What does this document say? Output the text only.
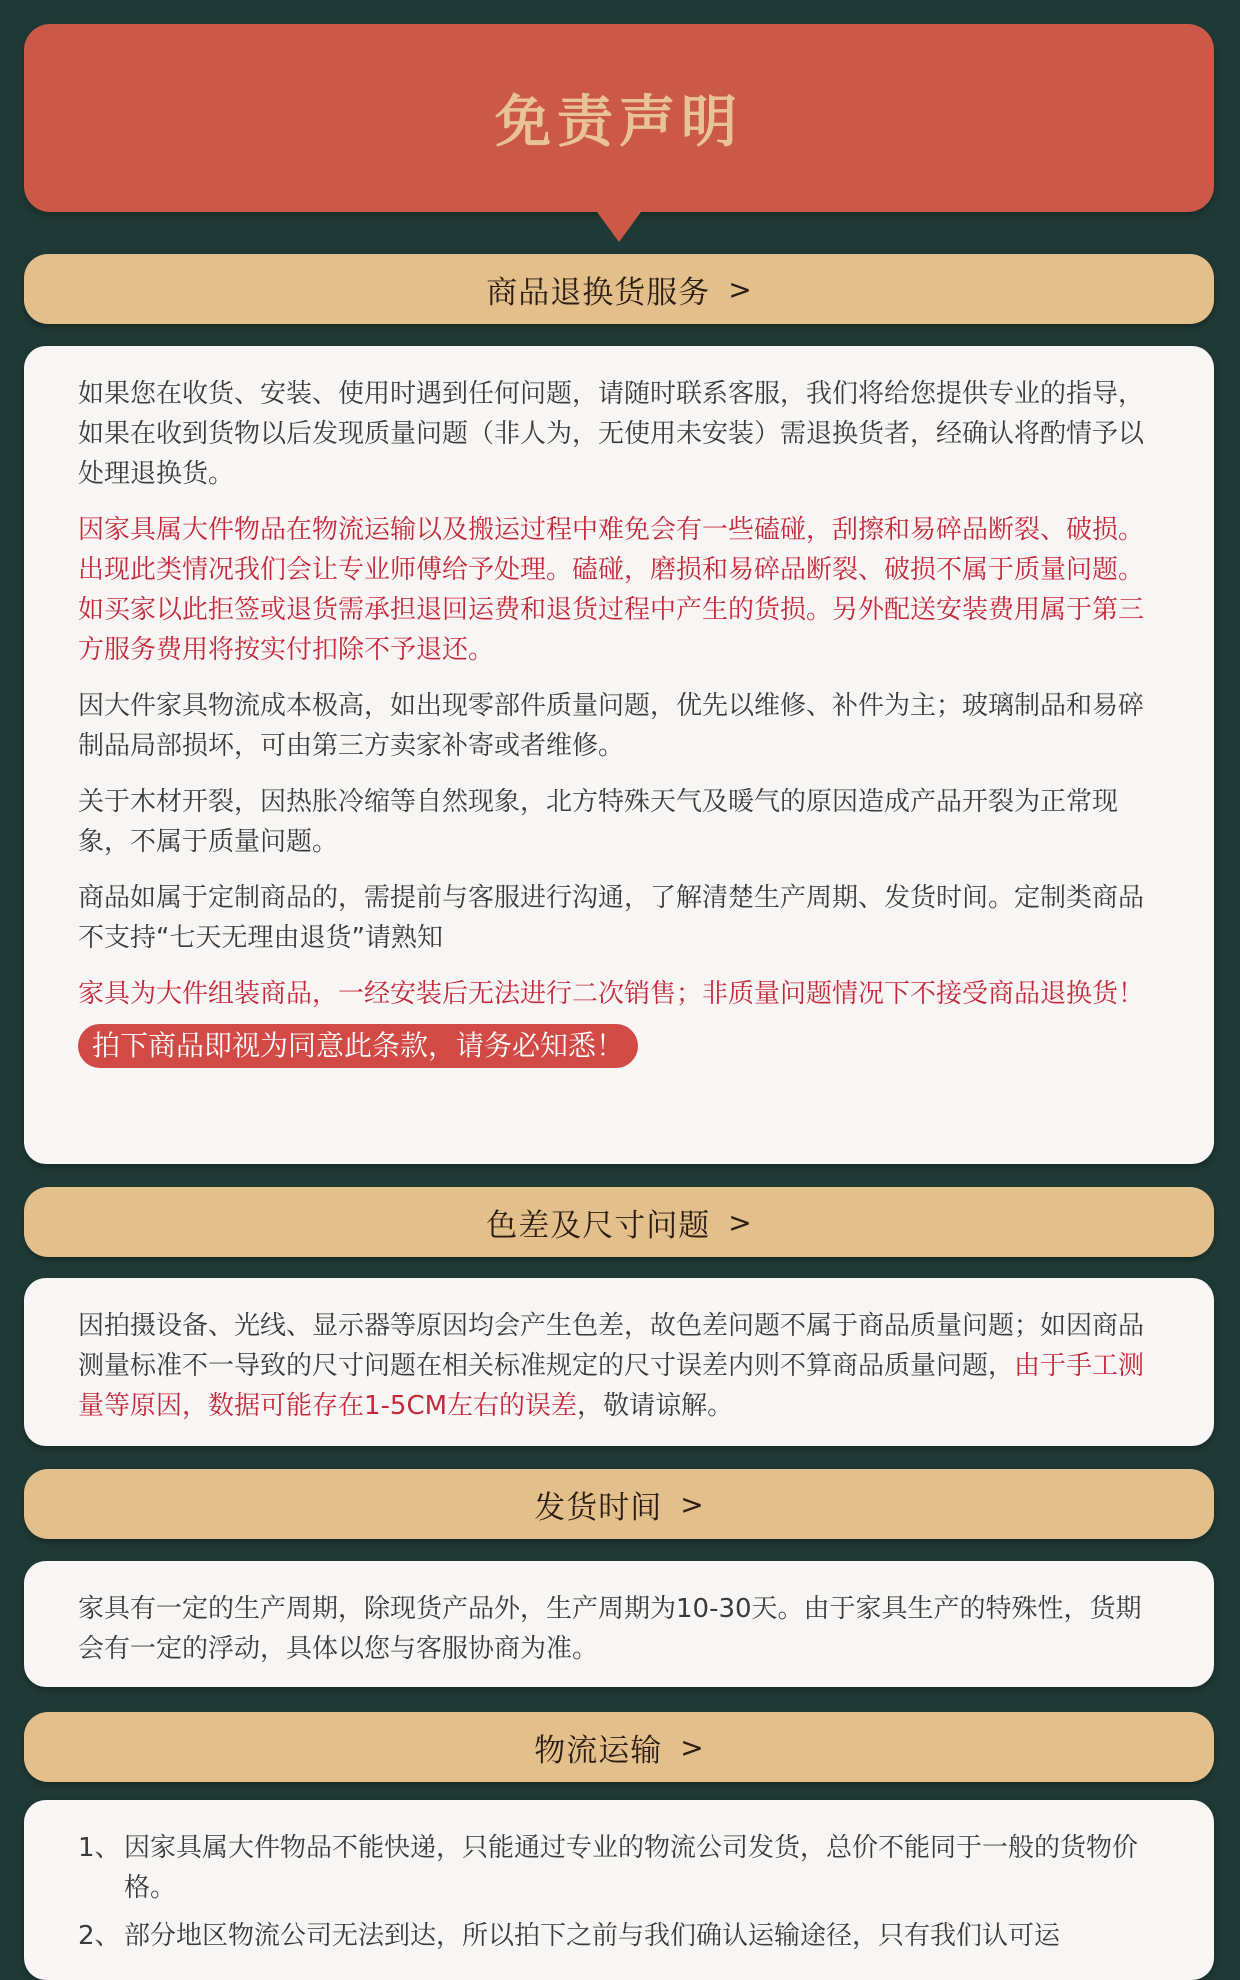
免责声明
商品退换货服务 >

如果您在收货、安装、使用时遇到任何问题，请随时联系客服，我们将给您提供专业的指导，如果在收到货物以后发现质量问题（非人为，无使用未安装）需退换货者，经确认将酌情予以处理退换货。

因家具属大件物品在物流运输以及搬运过程中难免会有一些磕碰，刮擦和易碎品断裂、破损。出现此类情况我们会让专业师傅给予处理。磕碰，磨损和易碎品断裂、破损不属于质量问题。如买家以此拒签或退货需承担退回运费和退货过程中产生的货损。另外配送安装费用属于第三方服务费用将按实付扣除不予退还。

因大件家具物流成本极高，如出现零部件质量问题，优先以维修、补件为主；玻璃制品和易碎制品局部损坏，可由第三方卖家补寄或者维修。

关于木材开裂，因热胀冷缩等自然现象，北方特殊天气及暖气的原因造成产品开裂为正常现象，不属于质量问题。

商品如属于定制商品的，需提前与客服进行沟通，了解清楚生产周期、发货时间。定制类商品不支持“七天无理由退货”请熟知

家具为大件组装商品，一经安装后无法进行二次销售；非质量问题情况下不接受商品退换货！

拍下商品即视为同意此条款，请务必知悉！
色差及尺寸问题 >

因拍摄设备、光线、显示器等原因均会产生色差，故色差问题不属于商品质量问题；如因商品测量标准不一导致的尺寸问题在相关标准规定的尺寸误差内则不算商品质量问题，由于手工测量等原因，数据可能存在1-5CM左右的误差，敬请谅解。

发货时间 >

家具有一定的生产周期，除现货产品外，生产周期为10-30天。由于家具生产的特殊性，货期会有一定的浮动，具体以您与客服协商为准。

物流运输 >
1、 因家具属大件物品不能快递，只能通过专业的物流公司发货，总价不能同于一般的货物价格。
2、 部分地区物流公司无法到达，所以拍下之前与我们确认运输途径，只有我们认可运
